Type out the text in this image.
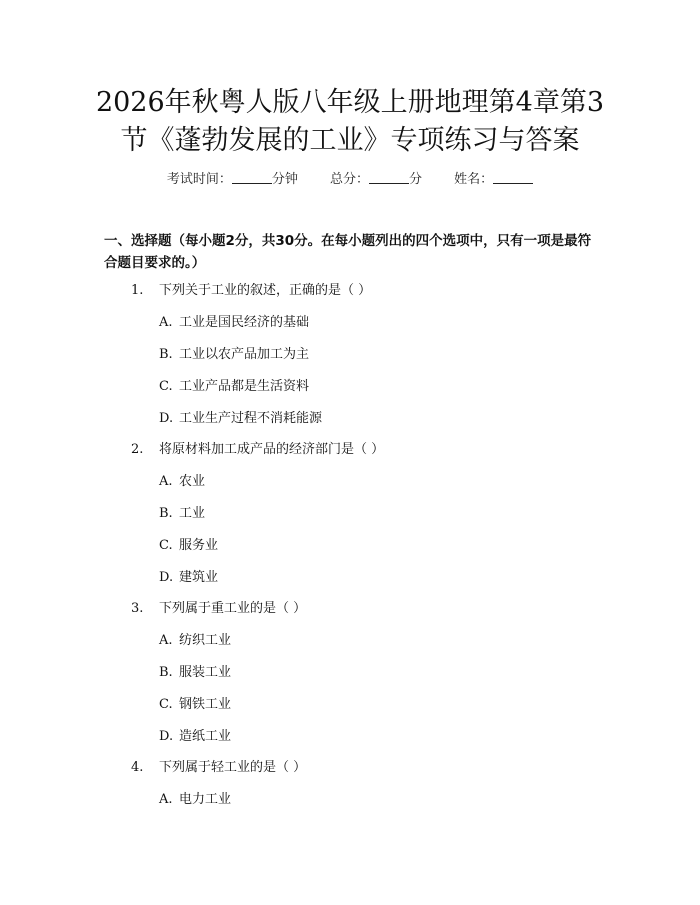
2026年秋粤人版八年级上册地理第4章第3
节《蓬勃发展的工业》专项练习与答案
考试时间：	分钟 总分：	分 姓名：
一、选择题（每小题2分，共30分。在每小题列出的四个选项中，只有一项是最符合题目要求的。）
1. 下列关于工业的叙述，正确的是（ ）
A. 工业是国民经济的基础
B. 工业以农产品加工为主
C. 工业产品都是生活资料
D. 工业生产过程不消耗能源
2. 将原材料加工成产品的经济部门是（ ）
A. 农业
B. 工业
C. 服务业
D. 建筑业
3. 下列属于重工业的是（ ）
A. 纺织工业
B. 服装工业
C. 钢铁工业
D. 造纸工业
4. 下列属于轻工业的是（ ）
A. 电力工业
